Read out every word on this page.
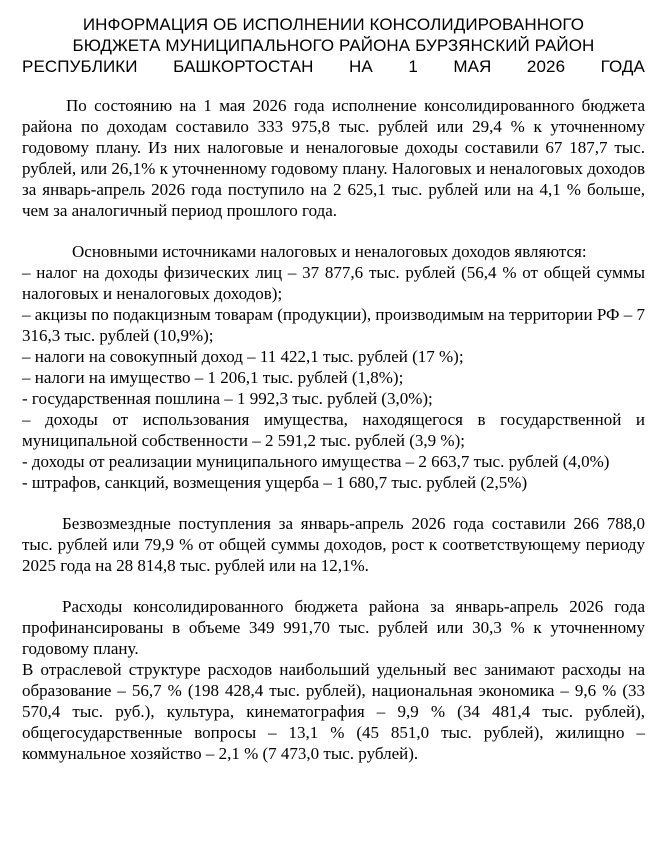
ИНФОРМАЦИЯ ОБ ИСПОЛНЕНИИ КОНСОЛИДИРОВАННОГО
БЮДЖЕТА МУНИЦИПАЛЬНОГО РАЙОНА БУРЗЯНСКИЙ РАЙОН
РЕСПУБЛИКИ БАШКОРТОСТАН НА 1 МАЯ 2026 ГОДА

По состоянию на 1 мая 2026 года исполнение консолидированного бюджета района по доходам составило 333 975,8 тыс. рублей или 29,4 % к уточненному годовому плану. Из них налоговые и неналоговые доходы составили 67 187,7 тыс. рублей, или 26,1% к уточненному годовому плану. Налоговых и неналоговых доходов за январь-апрель 2026 года поступило на 2 625,1 тыс. рублей или на 4,1 % больше, чем за аналогичный период прошлого года.

Основными источниками налоговых и неналоговых доходов являются:

– налог на доходы физических лиц – 37 877,6 тыс. рублей (56,4 % от общей суммы налоговых и неналоговых доходов);

– акцизы по подакцизным товарам (продукции), производимым на территории РФ – 7 316,3 тыс. рублей (10,9%);

– налоги на совокупный доход – 11 422,1 тыс. рублей (17 %);

– налоги на имущество – 1 206,1 тыс. рублей (1,8%);

- государственная пошлина – 1 992,3 тыс. рублей (3,0%);

– доходы от использования имущества, находящегося в государственной и муниципальной собственности – 2 591,2 тыс. рублей (3,9 %);

- доходы от реализации муниципального имущества – 2 663,7 тыс. рублей (4,0%)

- штрафов, санкций, возмещения ущерба – 1 680,7 тыс. рублей (2,5%)

Безвозмездные поступления за январь-апрель 2026 года составили 266 788,0 тыс. рублей или 79,9 % от общей суммы доходов, рост к соответствующему периоду 2025 года на 28 814,8 тыс. рублей или на 12,1%.

Расходы консолидированного бюджета района за январь-апрель 2026 года профинансированы в объеме 349 991,70 тыс. рублей или 30,3 % к уточненному годовому плану.

В отраслевой структуре расходов наибольший удельный вес занимают расходы на образование – 56,7 % (198 428,4 тыс. рублей), национальная экономика – 9,6 % (33 570,4 тыс. руб.), культура, кинематография – 9,9 % (34 481,4 тыс. рублей), общегосударственные вопросы – 13,1 % (45 851,0 тыс. рублей), жилищно – коммунальное хозяйство – 2,1 % (7 473,0 тыс. рублей).
